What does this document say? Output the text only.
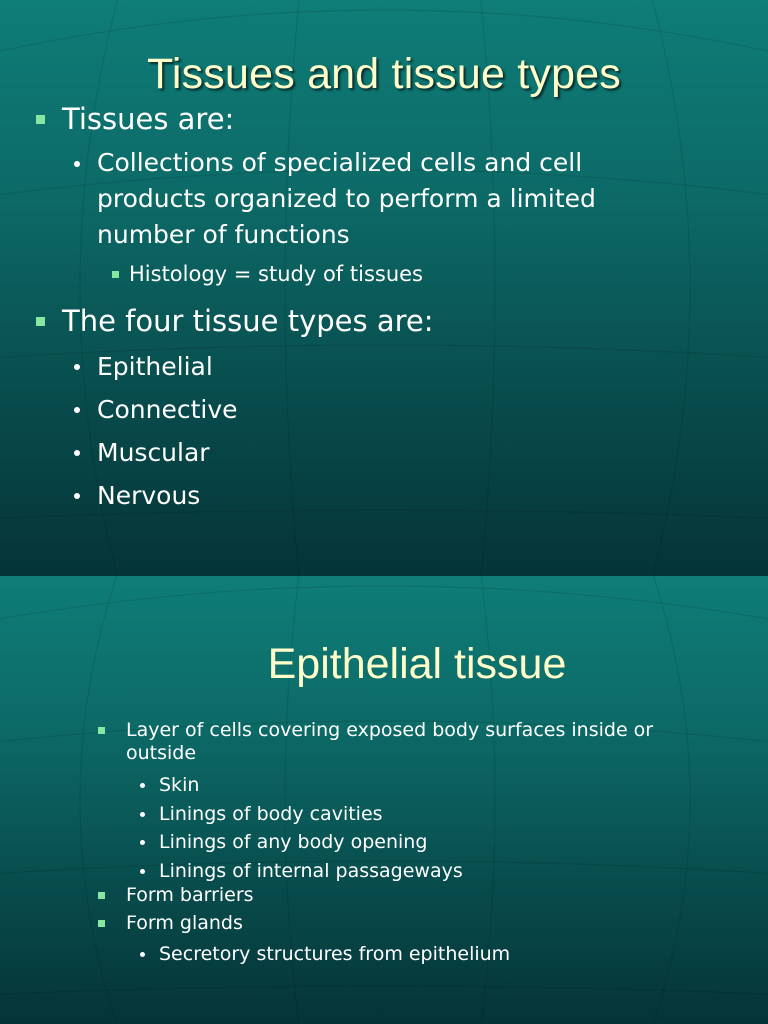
Tissues and tissue types
Tissues are:
Collections of specialized cells and cell
products organized to perform a limited
number of functions
Histology = study of tissues
The four tissue types are:
Epithelial
Connective
Muscular
Nervous
Epithelial tissue
Layer of cells covering exposed body surfaces inside or
outside
Skin
Linings of body cavities
Linings of any body opening
Linings of internal passageways
Form barriers
Form glands
Secretory structures from epithelium
